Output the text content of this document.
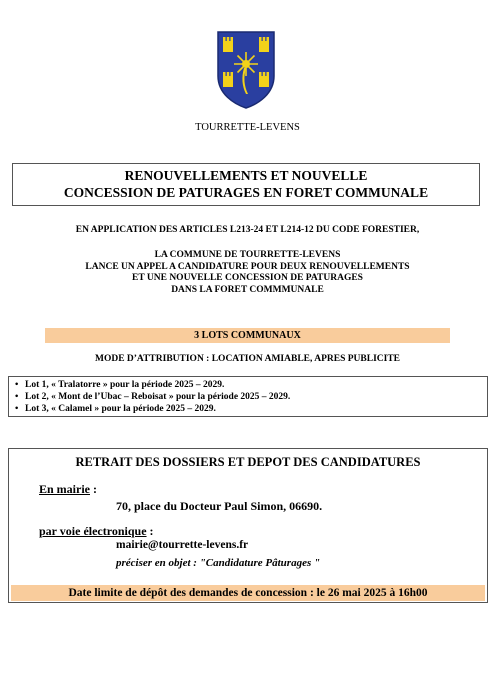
TOURRETTE-LEVENS
RENOUVELLEMENTS ET NOUVELLE
CONCESSION DE PATURAGES EN FORET COMMUNALE
EN APPLICATION DES ARTICLES L213-24 ET L214-12 DU CODE FORESTIER,
LA COMMUNE DE TOURRETTE-LEVENS
LANCE UN APPEL A CANDIDATURE POUR DEUX RENOUVELLEMENTS
ET UNE NOUVELLE CONCESSION DE PATURAGES
DANS LA FORET COMMMUNALE
3 LOTS COMMUNAUX
MODE D’ATTRIBUTION : LOCATION AMIABLE, APRES PUBLICITE
• Lot 1, « Tralatorre » pour la période 2025 – 2029.
• Lot 2, « Mont de l’Ubac – Reboisat » pour la période 2025 – 2029.
• Lot 3, « Calamel » pour la période 2025 – 2029.
RETRAIT DES DOSSIERS ET DEPOT DES CANDIDATURES
En mairie :
70, place du Docteur Paul Simon, 06690.
par voie électronique :
mairie@tourrette-levens.fr
préciser en objet : "Candidature Pâturages "
Date limite de dépôt des demandes de concession : le 26 mai 2025 à 16h00
